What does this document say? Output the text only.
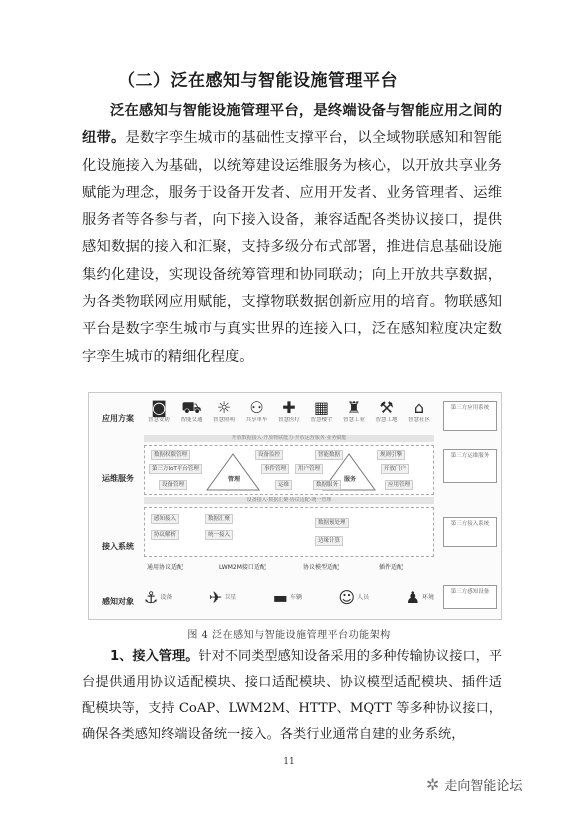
（二）泛在感知与智能设施管理平台
泛在感知与智能设施管理平台，是终端设备与智能应用之间的纽带。是数字孪生城市的基础性支撑平台，以全域物联感知和智能化设施接入为基础，以统筹建设运维服务为核心，以开放共享业务赋能为理念，服务于设备开发者、应用开发者、业务管理者、运维服务者等各参与者，向下接入设备，兼容适配各类协议接口，提供感知数据的接入和汇聚，支持多级分布式部署，推进信息基础设施集约化建设，实现设备统筹管理和协同联动；向上开放共享数据，为各类物联网应用赋能，支撑物联数据创新应用的培育。物联感知平台是数字孪生城市与真实世界的连接入口，泛在感知粒度决定数字孪生城市的精细化程度。
应用方案
运维服务
接入系统
感知对象
◙
智慧安防
⛟
智能交通
☼
智慧照明
⚇
共享单车
✚
智慧医疗
▦
智慧楼宇
♜
智慧工业
⚒
智慧工地
⌂
智慧社区
开放数据接入·开放物联能力·开放运营服务·业务赋能
管理	服务
数据权限管理
第三方IoT平台管理
设备管理
设备监控
事件管理
运维
智能数据	规则引擎
开放门户
应用管理
用户管理
数据服务
设备接入·数据汇聚·协议适配·统一管理
感知接入
协议解析
数据汇聚
统一接入
数据预处理
边缘计算
通用协议适配	LWM2M接口适配	协议模型适配	插件适配
⚓ 设备 ✈ 卫星 ▬ 车辆 ☺ 人员 ♟ 环境
第三方应用系统
第三方运维服务
第三方接入系统
第三方感知设备
图 4 泛在感知与智能设施管理平台功能架构
1、接入管理。针对不同类型感知设备采用的多种传输协议接口，平台提供通用协议适配模块、接口适配模块、协议模型适配模块、插件适配模块等，支持 CoAP、LWM2M、HTTP、MQTT 等多种协议接口，确保各类感知终端设备统一接入。各类行业通常自建的业务系统，
11
✲ 走向智能论坛
